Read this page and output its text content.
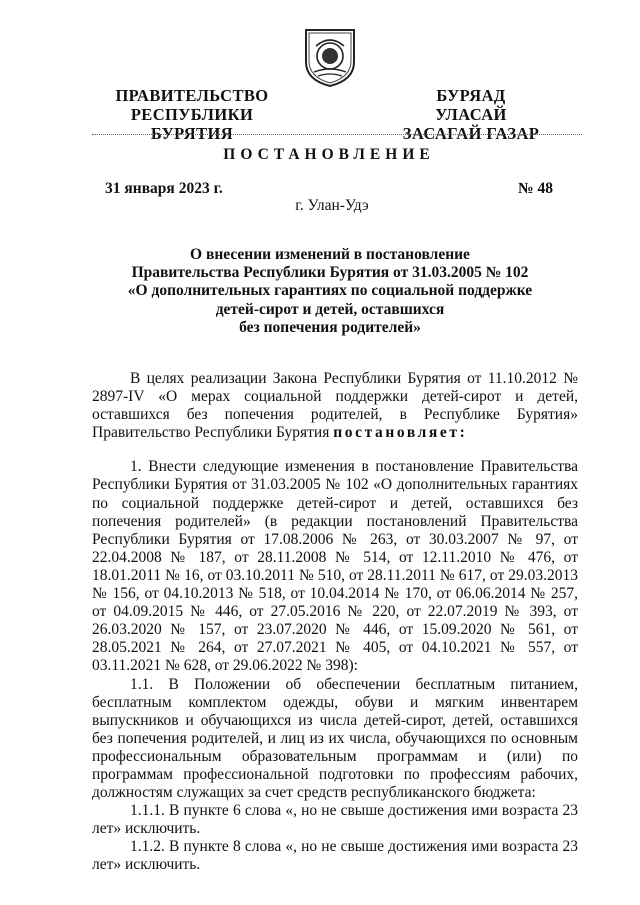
ПРАВИТЕЛЬСТВО
РЕСПУБЛИКИ БУРЯТИЯ
БУРЯАД УЛАСАЙ
ЗАСАГАЙ ГАЗАР
ПОСТАНОВЛЕНИЕ
31 января 2023 г.	№ 48
г. Улан-Удэ
О внесении изменений в постановление
Правительства Республики Бурятия от 31.03.2005 № 102
«О дополнительных гарантиях по социальной поддержке
детей-сирот и детей, оставшихся
без попечения родителей»

В целях реализации Закона Республики Бурятия от 11.10.2012 № 2897-IV «О мерах социальной поддержки детей-сирот и детей, оставшихся без попечения родителей, в Республике Бурятия» Правительство Республики Бурятия постановляет:

1. Внести следующие изменения в постановление Правительства Республики Бурятия от 31.03.2005 № 102 «О дополнительных гарантиях по социальной поддержке детей-сирот и детей, оставшихся без попечения родителей» (в редакции постановлений Правительства Республики Бурятия от 17.08.2006 № 263, от 30.03.2007 № 97, от 22.04.2008 № 187, от 28.11.2008 № 514, от 12.11.2010 № 476, от 18.01.2011 № 16, от 03.10.2011 № 510, от 28.11.2011 № 617, от 29.03.2013 № 156, от 04.10.2013 № 518, от 10.04.2014 № 170, от 06.06.2014 № 257, от 04.09.2015 № 446, от 27.05.2016 № 220, от 22.07.2019 № 393, от 26.03.2020 № 157, от 23.07.2020 № 446, от 15.09.2020 № 561, от 28.05.2021 № 264, от 27.07.2021 № 405, от 04.10.2021 № 557, от 03.11.2021 № 628, от 29.06.2022 № 398):

1.1. В Положении об обеспечении бесплатным питанием, бесплатным комплектом одежды, обуви и мягким инвентарем выпускников и обучающихся из числа детей-сирот, детей, оставшихся без попечения родителей, и лиц из их числа, обучающихся по основным профессиональным образовательным программам и (или) по программам профессиональной подготовки по профессиям рабочих, должностям служащих за счет средств республиканского бюджета:

1.1.1. В пункте 6 слова «, но не свыше достижения ими возраста 23 лет» исключить.

1.1.2. В пункте 8 слова «, но не свыше достижения ими возраста 23 лет» исключить.
